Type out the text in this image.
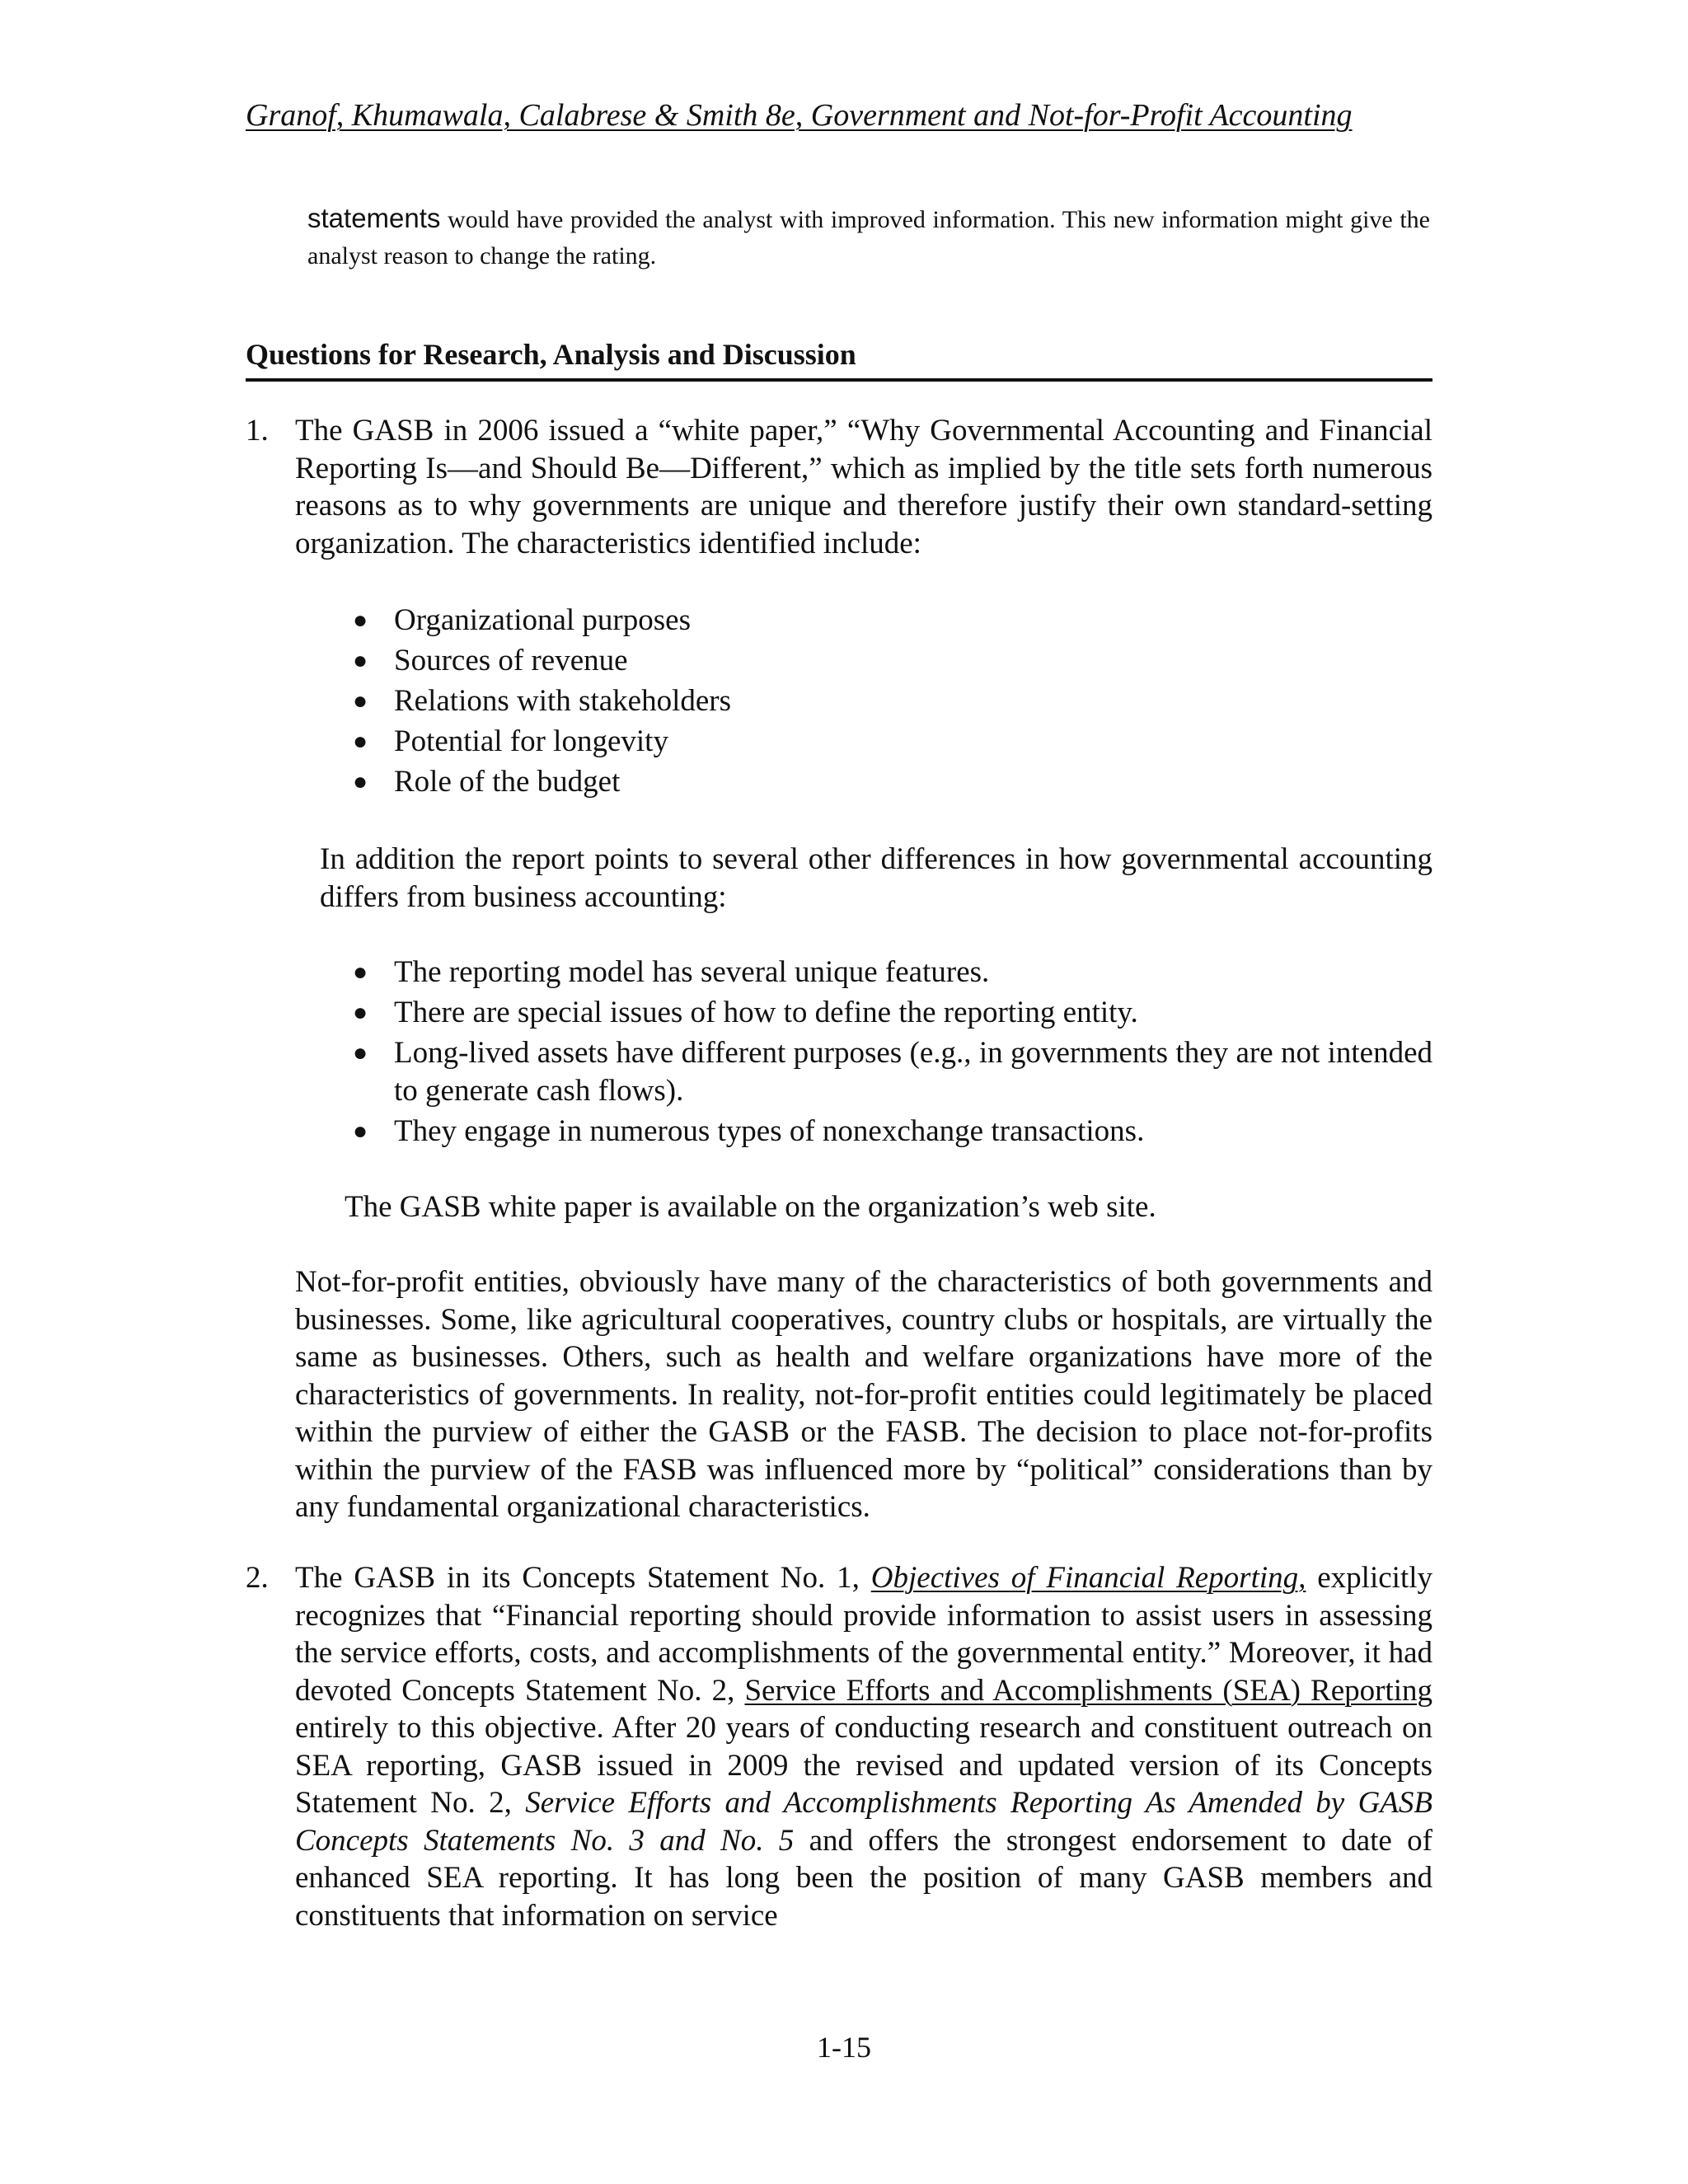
Granof, Khumawala, Calabrese & Smith 8e, Government and Not-for-Profit Accounting
statements would have provided the analyst with improved information. This new information might give the analyst reason to change the rating.
Questions for Research, Analysis and Discussion
1. The GASB in 2006 issued a “white paper,” “Why Governmental Accounting and Financial Reporting Is—and Should Be—Different,” which as implied by the title sets forth numerous reasons as to why governments are unique and therefore justify their own standard-setting organization. The characteristics identified include:
● Organizational purposes
● Sources of revenue
● Relations with stakeholders
● Potential for longevity
● Role of the budget
In addition the report points to several other differences in how governmental accounting differs from business accounting:
● The reporting model has several unique features.
● There are special issues of how to define the reporting entity.
● Long-lived assets have different purposes (e.g., in governments they are not intended to generate cash flows).
● They engage in numerous types of nonexchange transactions.
The GASB white paper is available on the organization’s web site.
Not-for-profit entities, obviously have many of the characteristics of both governments and businesses. Some, like agricultural cooperatives, country clubs or hospitals, are virtually the same as businesses. Others, such as health and welfare organizations have more of the characteristics of governments. In reality, not-for-profit entities could legitimately be placed within the purview of either the GASB or the FASB. The decision to place not-for-profits within the purview of the FASB was influenced more by “political” considerations than by any fundamental organizational characteristics.
2. The GASB in its Concepts Statement No. 1, Objectives of Financial Reporting, explicitly recognizes that “Financial reporting should provide information to assist users in assessing the service efforts, costs, and accomplishments of the governmental entity.” Moreover, it had devoted Concepts Statement No. 2, Service Efforts and Accomplishments (SEA) Reporting entirely to this objective. After 20 years of conducting research and constituent outreach on SEA reporting, GASB issued in 2009 the revised and updated version of its Concepts Statement No. 2, Service Efforts and Accomplishments Reporting As Amended by GASB Concepts Statements No. 3 and No. 5 and offers the strongest endorsement to date of enhanced SEA reporting. It has long been the position of many GASB members and constituents that information on service
1-15
